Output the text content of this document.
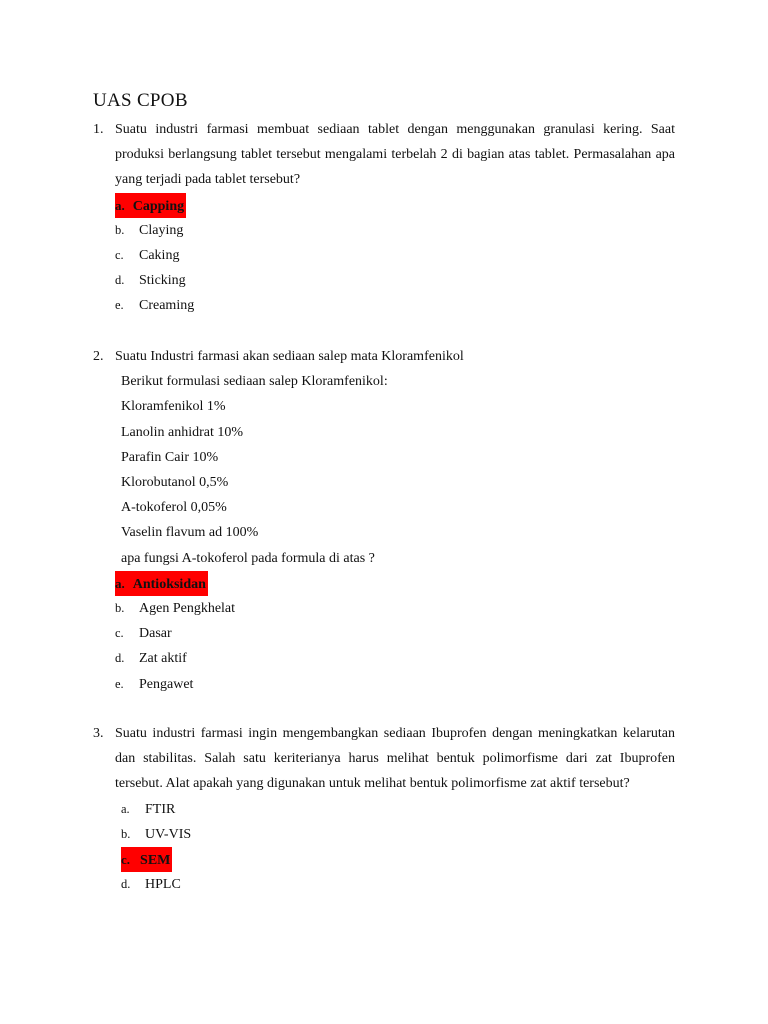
UAS CPOB
1. Suatu industri farmasi membuat sediaan tablet dengan menggunakan granulasi kering. Saat produksi berlangsung tablet tersebut mengalami terbelah 2 di bagian atas tablet. Permasalahan apa yang terjadi pada tablet tersebut?
a. Capping
b. Claying
c. Caking
d. Sticking
e. Creaming
2. Suatu Industri farmasi akan sediaan salep mata Kloramfenikol
Berikut formulasi sediaan salep Kloramfenikol:
Kloramfenikol 1%
Lanolin anhidrat 10%
Parafin Cair 10%
Klorobutanol 0,5%
A-tokoferol 0,05%
Vaselin flavum ad 100%
apa fungsi A-tokoferol pada formula di atas ?
a. Antioksidan
b. Agen Pengkhelat
c. Dasar
d. Zat aktif
e. Pengawet
3. Suatu industri farmasi ingin mengembangkan sediaan Ibuprofen dengan meningkatkan kelarutan dan stabilitas. Salah satu keriterianya harus melihat bentuk polimorfisme dari zat Ibuprofen tersebut. Alat apakah yang digunakan untuk melihat bentuk polimorfisme zat aktif tersebut?
a. FTIR
b. UV-VIS
c. SEM
d. HPLC
